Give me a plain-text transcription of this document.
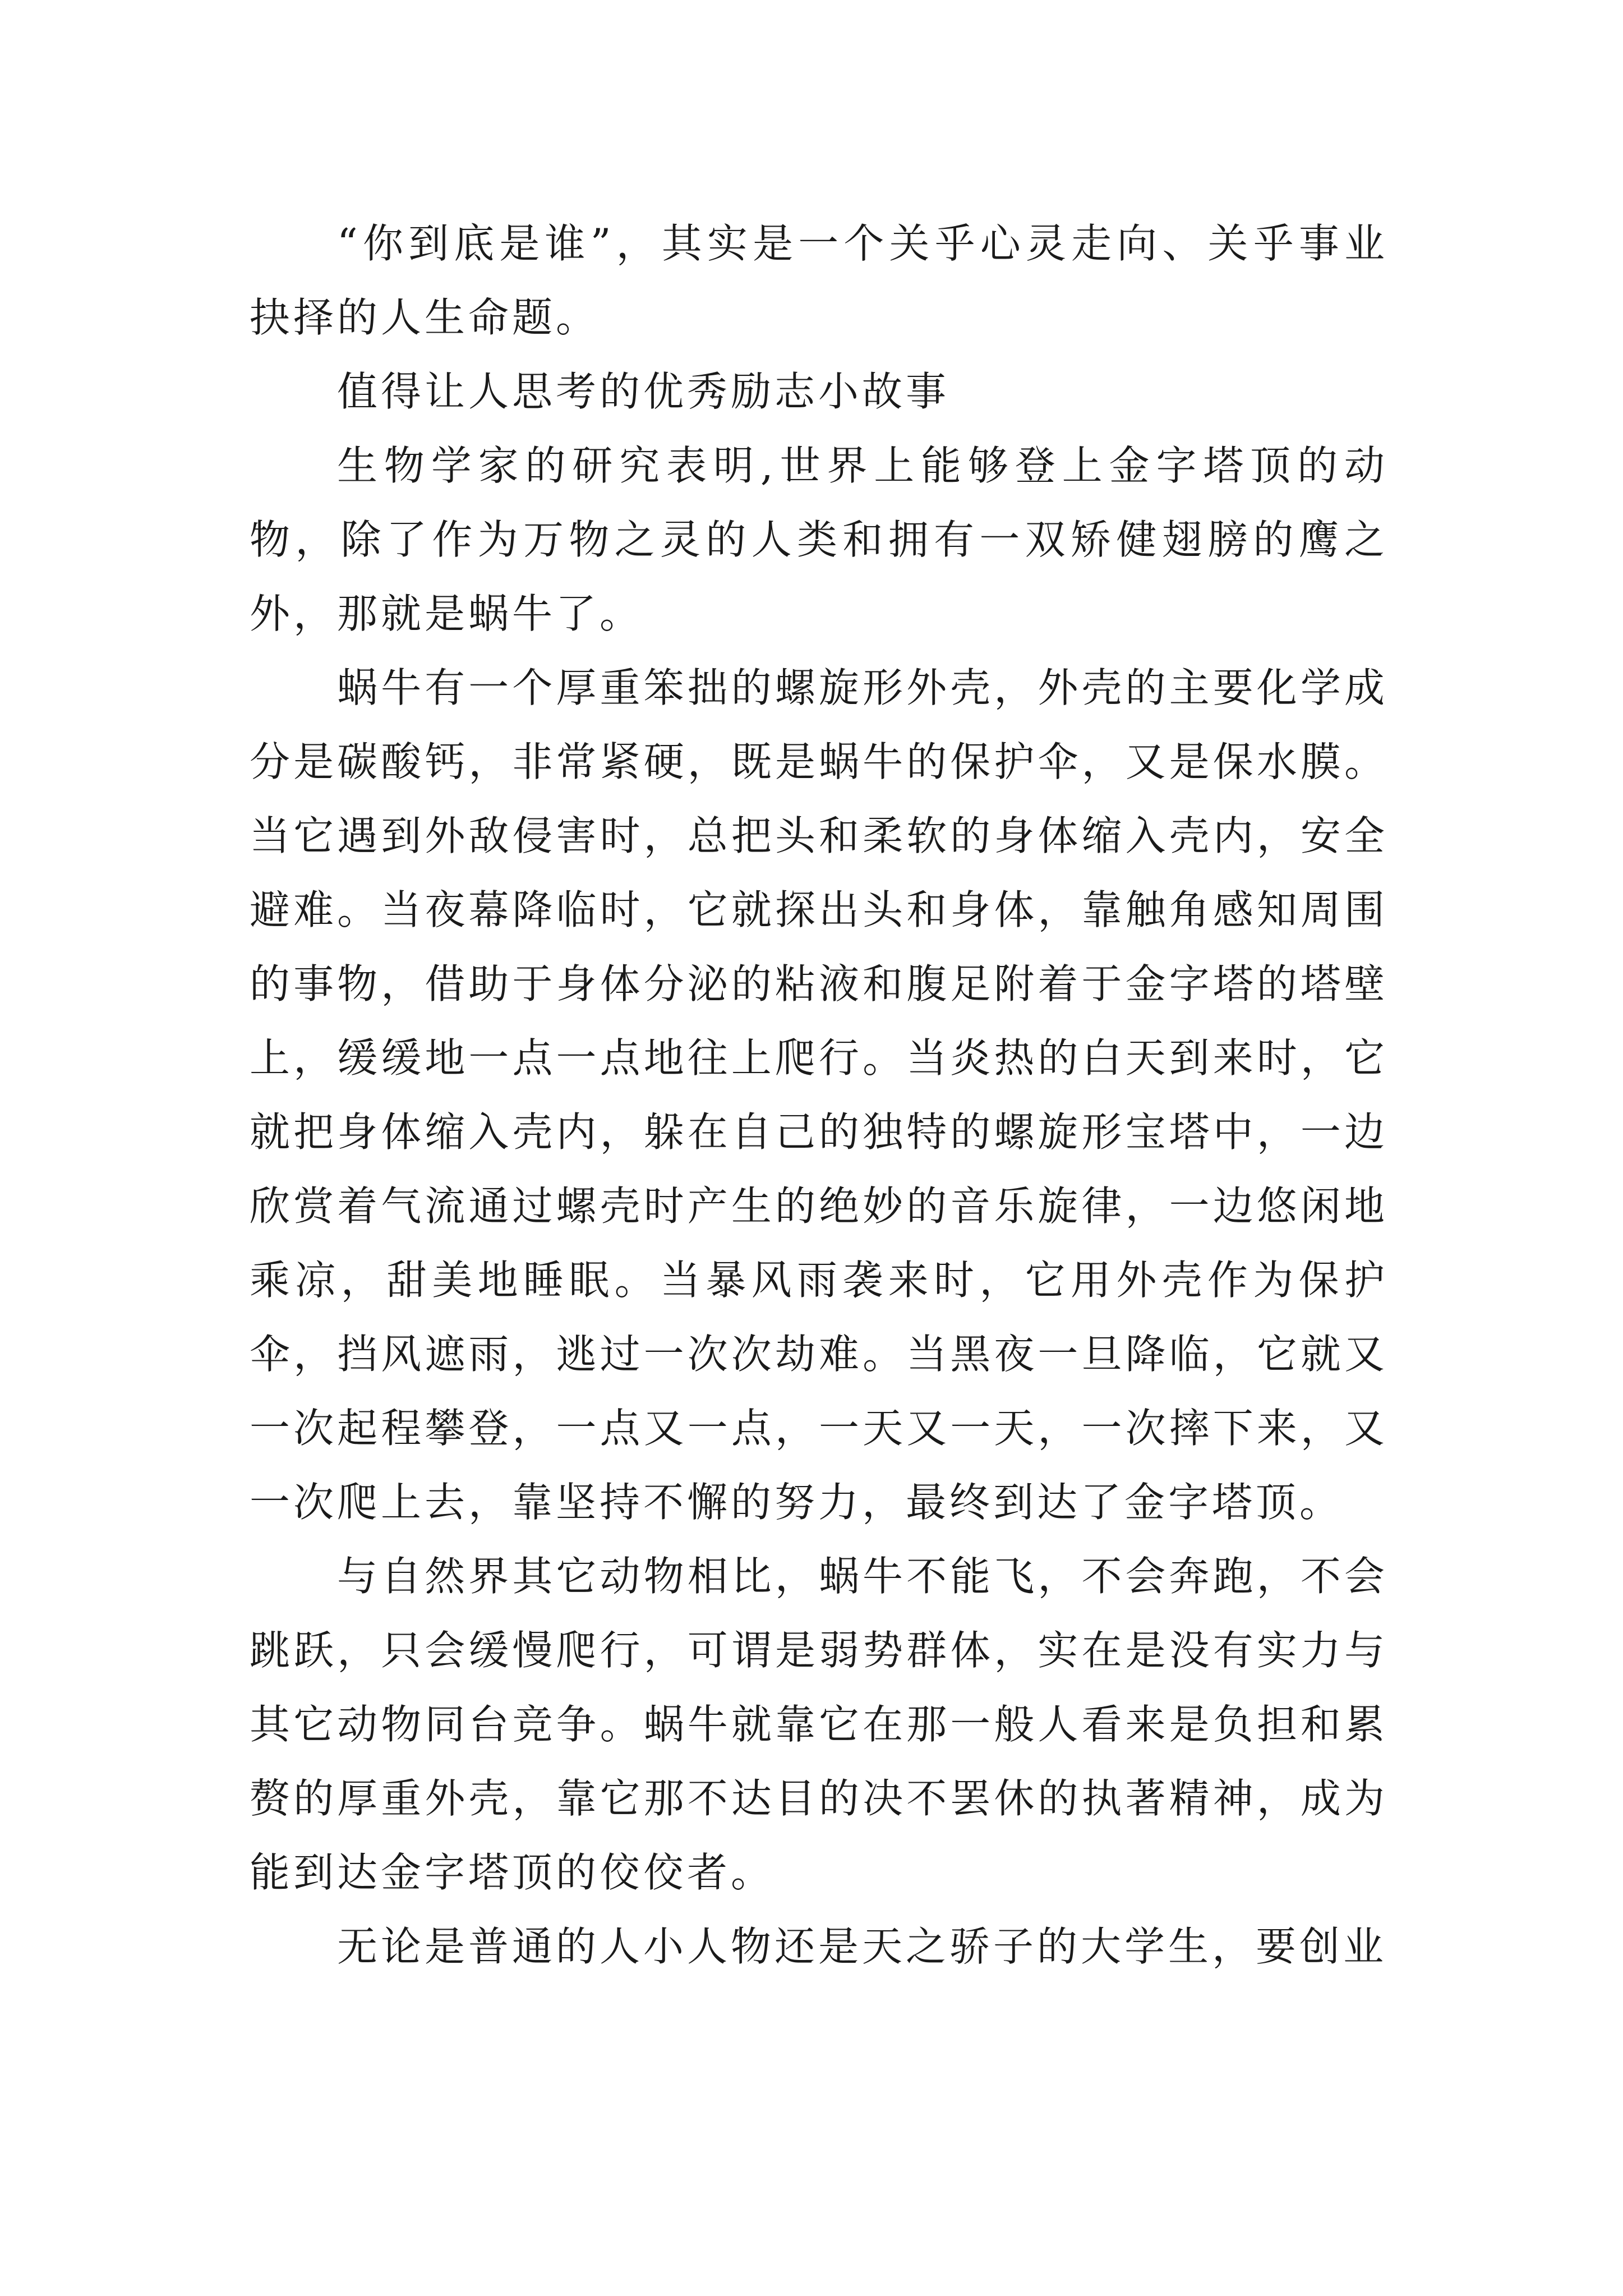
“你到底是谁”，其实是一个关乎心灵走向、关乎事业抉择的人生命题。

值得让人思考的优秀励志小故事

生物学家的研究表明,世界上能够登上金字塔顶的动物，除了作为万物之灵的人类和拥有一双矫健翅膀的鹰之外，那就是蜗牛了。

蜗牛有一个厚重笨拙的螺旋形外壳，外壳的主要化学成分是碳酸钙，非常紧硬，既是蜗牛的保护伞，又是保水膜。当它遇到外敌侵害时，总把头和柔软的身体缩入壳内，安全避难。当夜幕降临时，它就探出头和身体，靠触角感知周围的事物，借助于身体分泌的粘液和腹足附着于金字塔的塔壁上，缓缓地一点一点地往上爬行。当炎热的白天到来时，它就把身体缩入壳内，躲在自己的独特的螺旋形宝塔中，一边欣赏着气流通过螺壳时产生的绝妙的音乐旋律，一边悠闲地乘凉，甜美地睡眠。当暴风雨袭来时，它用外壳作为保护伞，挡风遮雨，逃过一次次劫难。当黑夜一旦降临，它就又一次起程攀登，一点又一点，一天又一天，一次摔下来，又一次爬上去，靠坚持不懈的努力，最终到达了金字塔顶。

与自然界其它动物相比，蜗牛不能飞，不会奔跑，不会跳跃，只会缓慢爬行，可谓是弱势群体，实在是没有实力与其它动物同台竞争。蜗牛就靠它在那一般人看来是负担和累赘的厚重外壳，靠它那不达目的决不罢休的执著精神，成为能到达金字塔顶的佼佼者。

无论是普通的人小人物还是天之骄子的大学生，要创业
